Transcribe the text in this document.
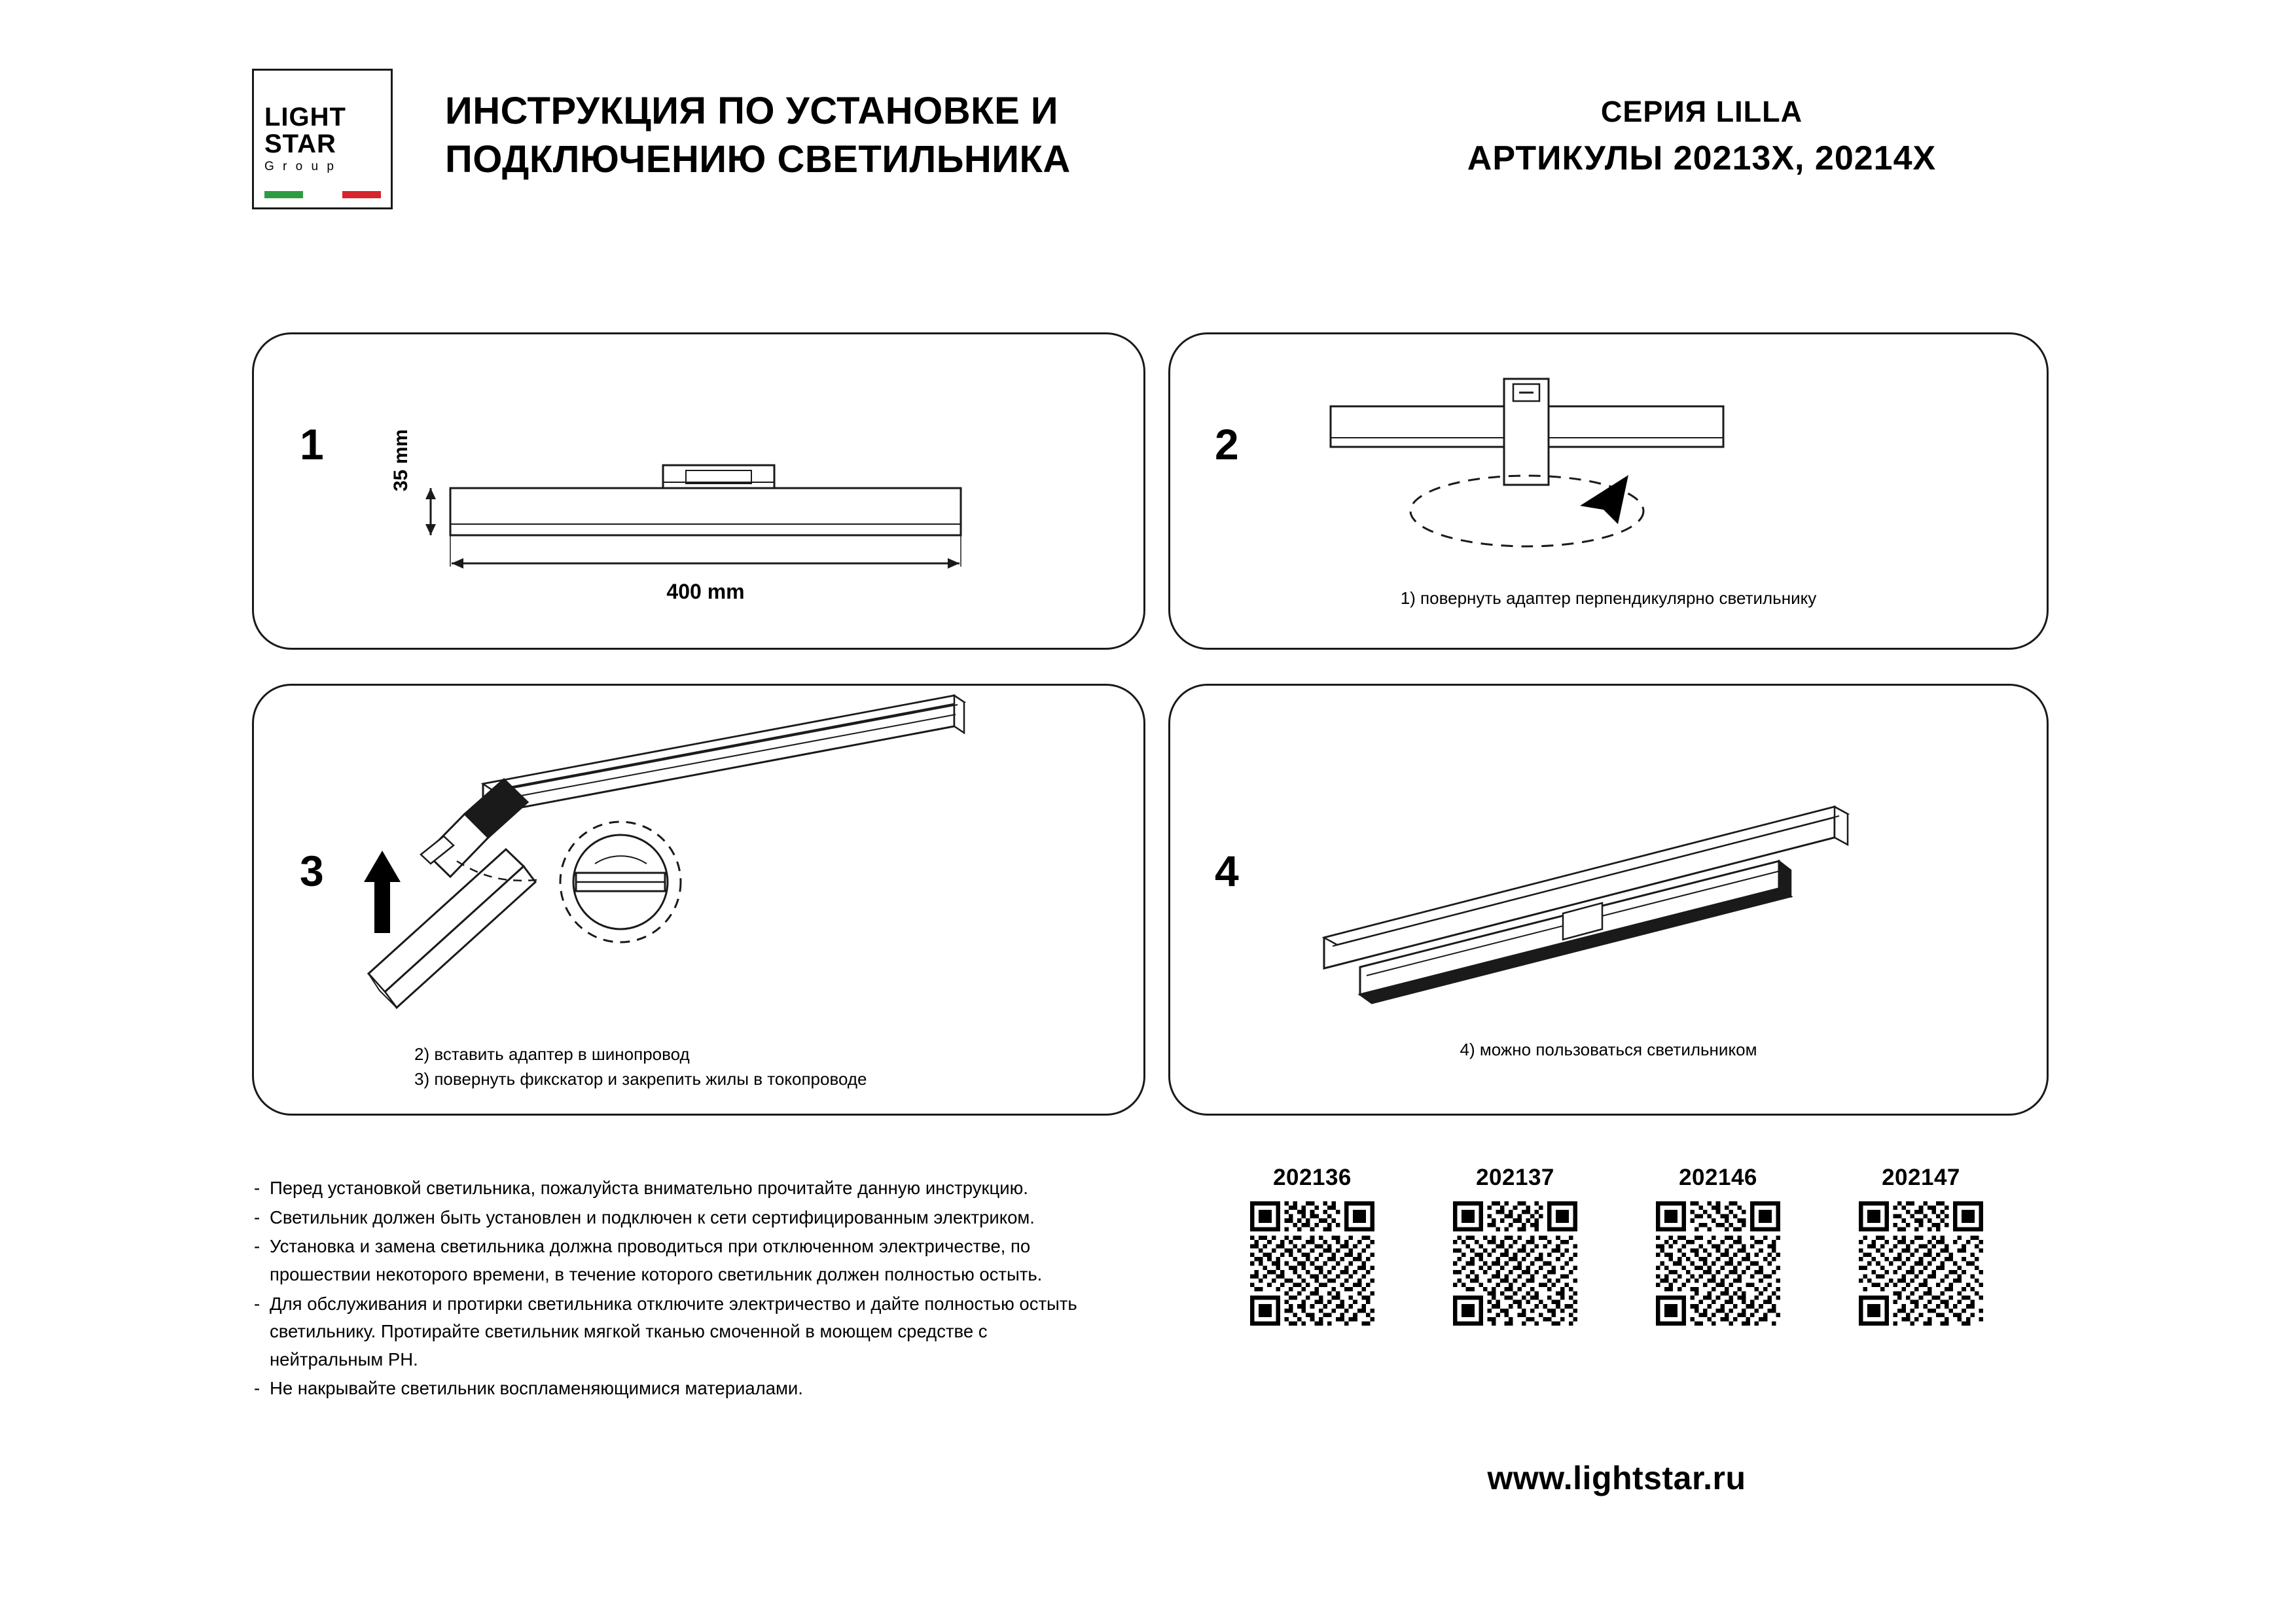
LIGHT
STAR
G r o u p
ИНСТРУКЦИЯ ПО УСТАНОВКЕ И ПОДКЛЮЧЕНИЮ СВЕТИЛЬНИКА
СЕРИЯ LILLA
АРТИКУЛЫ 20213X, 20214X
1	35 mm
400 mm
2
1) повернуть адаптер перпендикулярно светильнику
3
2) вставить адаптер в шинопровод
3) повернуть фикскатор и закрепить жилы в токопроводе
4
4) можно пользоваться светильником
- Перед установкой светильника, пожалуйста внимательно прочитайте данную инструкцию.
- Светильник должен быть установлен и подключен к сети сертифицированным электриком.
- Установка и замена светильника должна проводиться при отключенном электричестве, по прошествии некоторого времени, в течение которого светильник должен полностью остыть.
- Для обслуживания и протирки светильника отключите электричество и дайте полностью остыть светильнику. Протирайте светильник мягкой тканью смоченной в моющем средстве с нейтральным PH.
- Не накрывайте светильник воспламеняющимися материалами.
202136	202137	202146	202147
www.lightstar.ru
